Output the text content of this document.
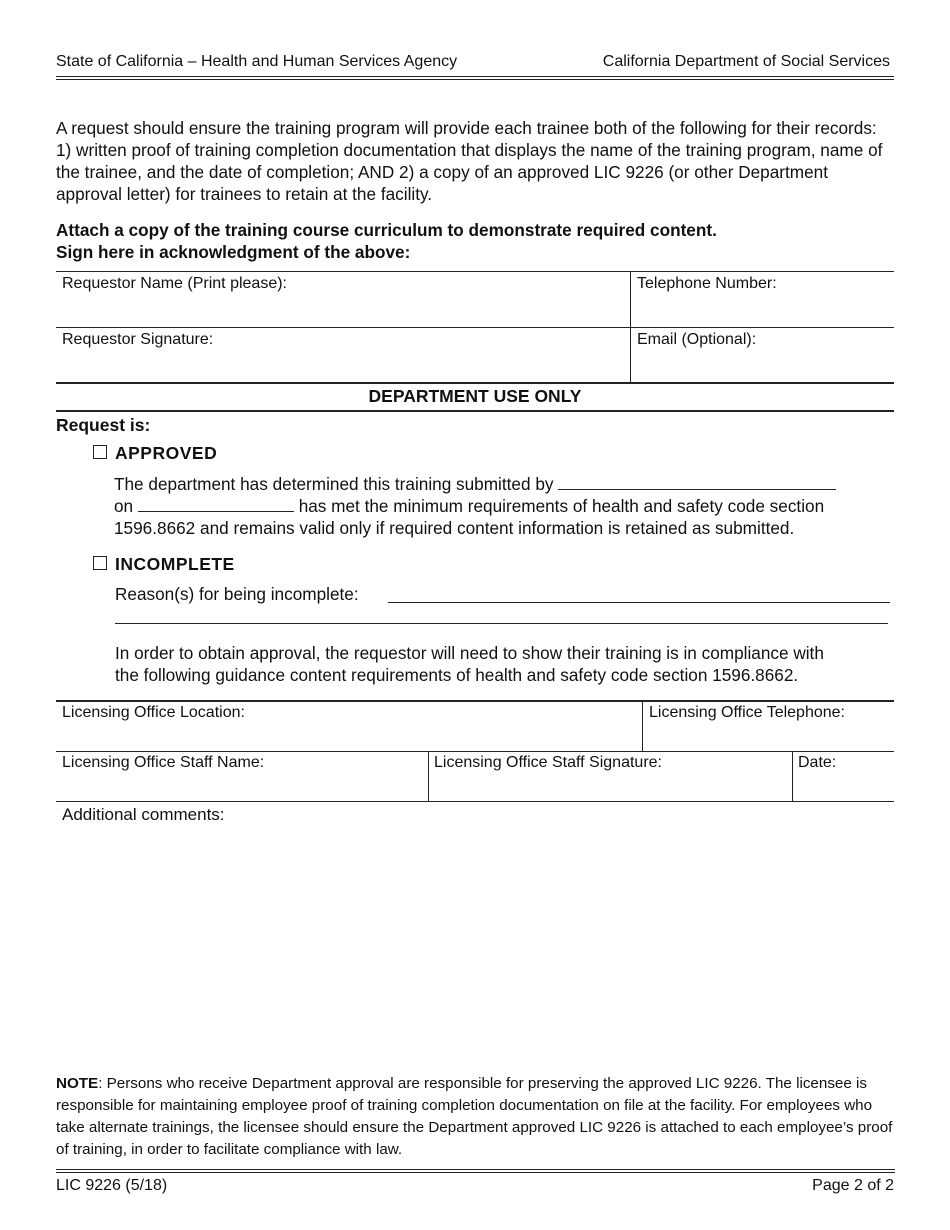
State of California – Health and Human Services Agency	California Department of Social Services
A request should ensure the training program will provide each trainee both of the following for their records: 1) written proof of training completion documentation that displays the name of the training program, name of the trainee, and the date of completion; AND 2) a copy of an approved LIC 9226 (or other Department approval letter) for trainees to retain at the facility.
Attach a copy of the training course curriculum to demonstrate required content.
Sign here in acknowledgment of the above:
Requestor Name (Print please):	Telephone Number:
Requestor Signature:	Email (Optional):
DEPARTMENT USE ONLY
Request is:
APPROVED
The department has determined this training submitted by
on	has met the minimum requirements of health and safety code section
1596.8662 and remains valid only if required content information is retained as submitted.
INCOMPLETE
Reason(s) for being incomplete:
In order to obtain approval, the requestor will need to show their training is in compliance with
the following guidance content requirements of health and safety code section 1596.8662.
Licensing Office Location:	Licensing Office Telephone:
Licensing Office Staff Name:	Licensing Office Staff Signature:	Date:
Additional comments:
NOTE: Persons who receive Department approval are responsible for preserving the approved LIC 9226. The licensee is responsible for maintaining employee proof of training completion documentation on file at the facility. For employees who take alternate trainings, the licensee should ensure the Department approved LIC 9226 is attached to each employee’s proof of training, in order to facilitate compliance with law.
LIC 9226 (5/18)	Page 2 of 2
